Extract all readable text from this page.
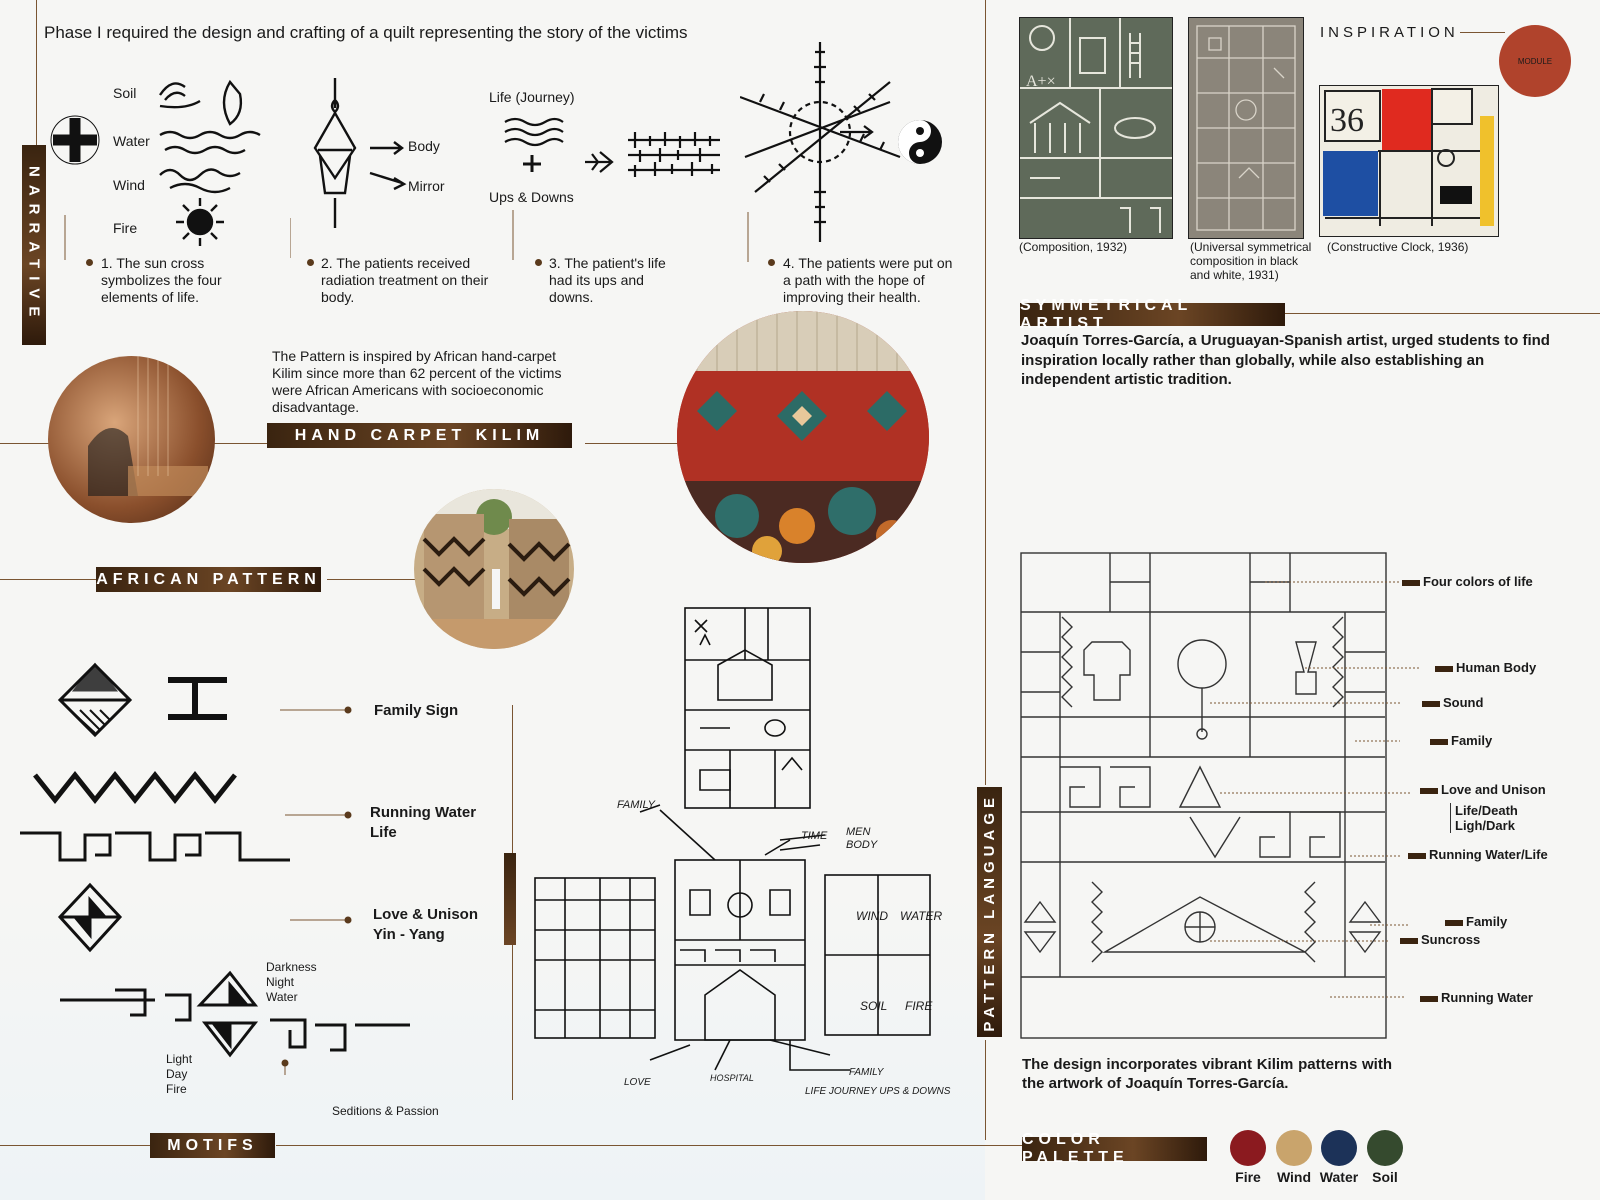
Phase I required the design and crafting of a quilt representing the story of the victims
NARRATIVE
Soil
Water
Wind
Fire
Body
Mirror
Life (Journey)
Ups & Downs
1. The sun cross symbolizes the four elements of life.
2. The patients received radiation treatment on their body.
3. The patient's life had its ups and downs.
4. The patients were put on a path with the hope of improving their health.
The Pattern is inspired by African hand-carpet Kilim since more than 62 percent of the victims were African Americans with socioeconomic disadvantage.
HAND CARPET KILIM
AFRICAN PATTERN
Family Sign
Running Water
Life
Love & Unison
Yin - Yang
Darkness
Night
Water
Light
Day
Fire
Seditions & Passion
MOTIFS
FAMILY
TIME MEN BODY
WIND WATER
SOIL FIRE
FAMILY
LOVE	HOSPITAL
LIFE JOURNEY UPS & DOWNS
INSPIRATION
MODULE
A+×
36
(Composition, 1932)	(Universal symmetrical composition in black and white, 1931)
(Constructive Clock, 1936)
SYMMETRICAL ARTIST
Joaquín Torres-García, a Uruguayan-Spanish artist, urged students to find inspiration locally rather than globally, while also establishing an independent artistic tradition.
PATTERN LANGUAGE
Four colors of life
Human Body
Sound
Family
Love and Unison
Life/Death
Ligh/Dark
Running Water/Life
Family
Suncross
Running Water
The design incorporates vibrant Kilim patterns with the artwork of Joaquín Torres-García.
COLOR PALETTE
Fire	Wind Water Soil
